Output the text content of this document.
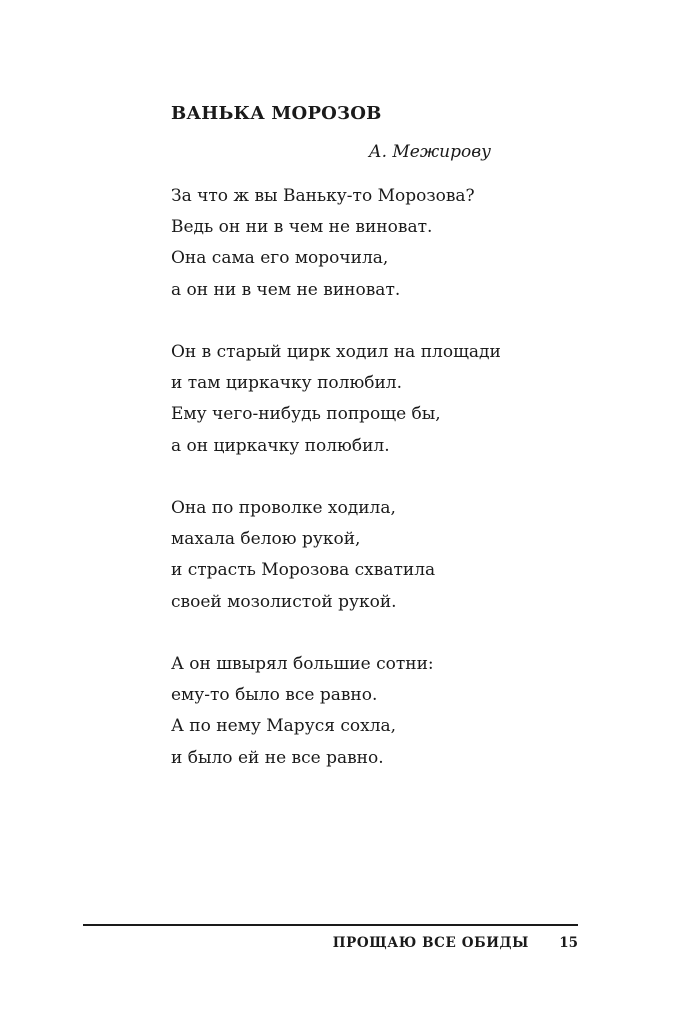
ВАНЬКА МОРОЗОВ
А. Межирову
За что ж вы Ваньку-то Морозова?
Ведь он ни в чем не виноват.
Она сама его морочила,
а он ни в чем не виноват.
Он в старый цирк ходил на площади
и там циркачку полюбил.
Ему чего-нибудь попроще бы,
а он циркачку полюбил.
Она по проволке ходила,
махала белою рукой,
и страсть Морозова схватила
своей мозолистой рукой.
А он швырял большие сотни:
ему-то было все равно.
А по нему Маруся сохла,
и было ей не все равно.
ПРОЩАЮ ВСЕ ОБИДЫ 15
